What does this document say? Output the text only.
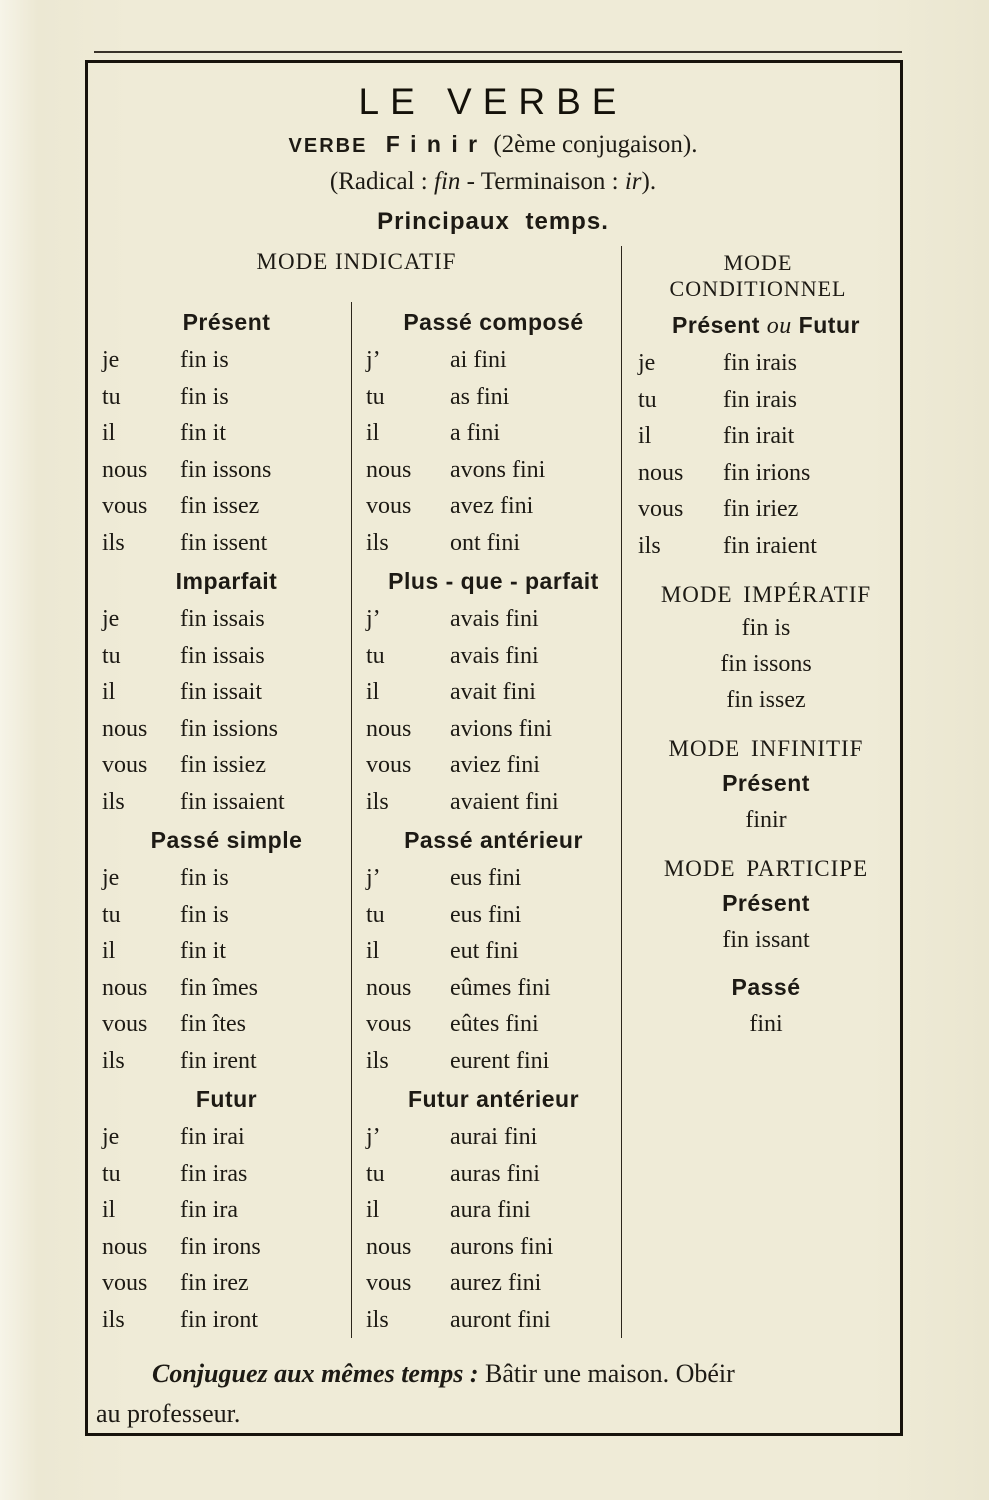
LE VERBE
VERBE F i n i r (2ème conjugaison).
(Radical : fin - Terminaison : ir).
Principaux temps.
MODE INDICATIF	MODE
CONDITIONNEL
Présent
je	fin is
tu	fin is
il	fin it
nous	fin issons
vous	fin issez
ils	fin issent
Imparfait
je	fin issais
tu	fin issais
il	fin issait
nous	fin issions
vous	fin issiez
ils	fin issaient
Passé simple
je	fin is
tu	fin is
il	fin it
nous	fin îmes
vous	fin îtes
ils	fin irent
Futur
je	fin irai
tu	fin iras
il	fin ira
nous	fin irons
vous	fin irez
ils	fin iront
Passé composé
j’	ai fini
tu	as fini
il	a fini
nous	avons fini
vous	avez fini
ils	ont fini
Plus - que - parfait
j’	avais fini
tu	avais fini
il	avait fini
nous	avions fini
vous	aviez fini
ils	avaient fini
Passé antérieur
j’	eus fini
tu	eus fini
il	eut fini
nous	eûmes fini
vous	eûtes fini
ils	eurent fini
Futur antérieur
j’	aurai fini
tu	auras fini
il	aura fini
nous	aurons fini
vous	aurez fini
ils	auront fini
Présent ou Futur
je	fin irais
tu	fin irais
il	fin irait
nous	fin irions
vous	fin iriez
ils	fin iraient
MODE IMPÉRATIF
fin is
fin issons
fin issez
MODE INFINITIF
Présent
finir
MODE PARTICIPE
Présent
fin issant
Passé
fini

Conjuguez aux mêmes temps : Bâtir une maison. Obéir
au professeur.
